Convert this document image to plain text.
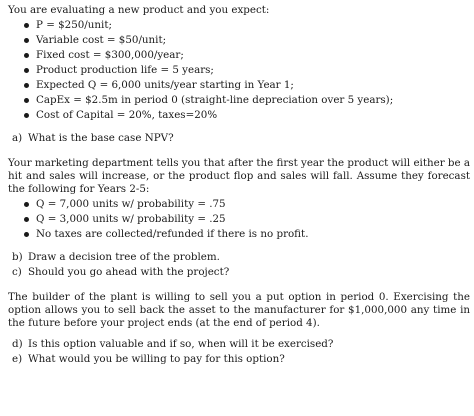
You are evaluating a new product and you expect:

P = $250/unit;
Variable cost = $50/unit;
Fixed cost = $300,000/year;
Product production life = 5 years;
Expected Q = 6,000 units/year starting in Year 1;
CapEx = $2.5m in period 0 (straight-line depreciation over 5 years);
Cost of Capital = 20%, taxes=20%
a) What is the base case NPV?

Your marketing department tells you that after the first year the product will either be a hit and sales will increase, or the product flop and sales will fall. Assume they forecast the following for Years 2-5:

Q = 7,000 units w/ probability = .75
Q = 3,000 units w/ probability = .25
No taxes are collected/refunded if there is no profit.
b) Draw a decision tree of the problem.
c) Should you go ahead with the project?

The builder of the plant is willing to sell you a put option in period 0. Exercising the option allows you to sell back the asset to the manufacturer for $1,000,000 any time in the future before your project ends (at the end of period 4).

d) Is this option valuable and if so, when will it be exercised?
e) What would you be willing to pay for this option?
